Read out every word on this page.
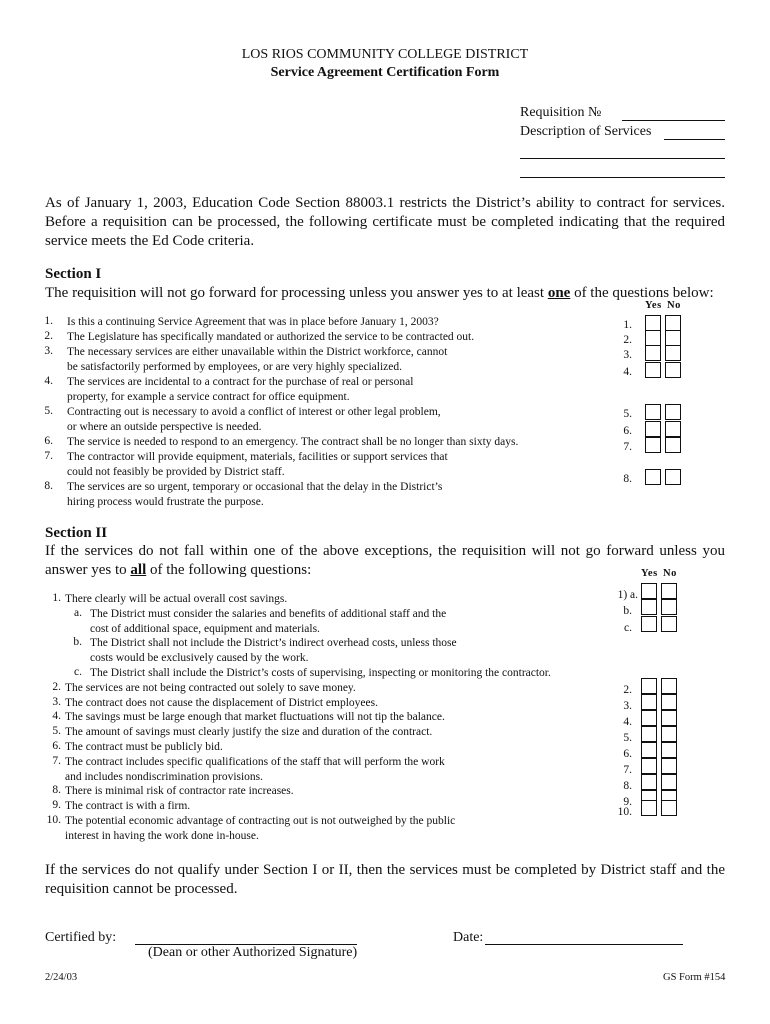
LOS RIOS COMMUNITY COLLEGE DISTRICT
Service Agreement Certification Form
Requisition №
Description of Services
As of January 1, 2003, Education Code Section 88003.1 restricts the District’s ability to contract for services. Before a requisition can be processed, the following certificate must be completed indicating that the required service meets the Ed Code criteria.
Section I
The requisition will not go forward for processing unless you answer yes to at least one of the questions below:
Yes No
1. Is this a continuing Service Agreement that was in place before January 1, 2003?
2. The Legislature has specifically mandated or authorized the service to be contracted out.
3. The necessary services are either unavailable within the District workforce, cannot
be satisfactorily performed by employees, or are very highly specialized.
4. The services are incidental to a contract for the purchase of real or personal
property, for example a service contract for office equipment.
5. Contracting out is necessary to avoid a conflict of interest or other legal problem,
or where an outside perspective is needed.
6. The service is needed to respond to an emergency. The contract shall be no longer than sixty days.
7. The contractor will provide equipment, materials, facilities or support services that
could not feasibly be provided by District staff.
8. The services are so urgent, temporary or occasional that the delay in the District’s
hiring process would frustrate the purpose.
1.
2.
3.
4.
5.
6.
7.
8.
Section II
If the services do not fall within one of the above exceptions, the requisition will not go forward unless you answer yes to all of the following questions:	Yes No
1. There clearly will be actual overall cost savings.
a. The District must consider the salaries and benefits of additional staff and the
cost of additional space, equipment and materials.
b. The District shall not include the District’s indirect overhead costs, unless those
costs would be exclusively caused by the work.
c. The District shall include the District’s costs of supervising, inspecting or monitoring the contractor.
2. The services are not being contracted out solely to save money.
3. The contract does not cause the displacement of District employees.
4. The savings must be large enough that market fluctuations will not tip the balance.
5. The amount of savings must clearly justify the size and duration of the contract.
6. The contract must be publicly bid.
7. The contract includes specific qualifications of the staff that will perform the work
and includes nondiscrimination provisions.
8. There is minimal risk of contractor rate increases.
9. The contract is with a firm.
10. The potential economic advantage of contracting out is not outweighed by the public
interest in having the work done in-house.
1) a.
b.
c.
2.
3.
4.
5.
6.
7.
8.
9.
10.
If the services do not qualify under Section I or II, then the services must be completed by District staff and the requisition cannot be processed.
Certified by:
(Dean or other Authorized Signature)
Date:
2/24/03	GS Form #154
